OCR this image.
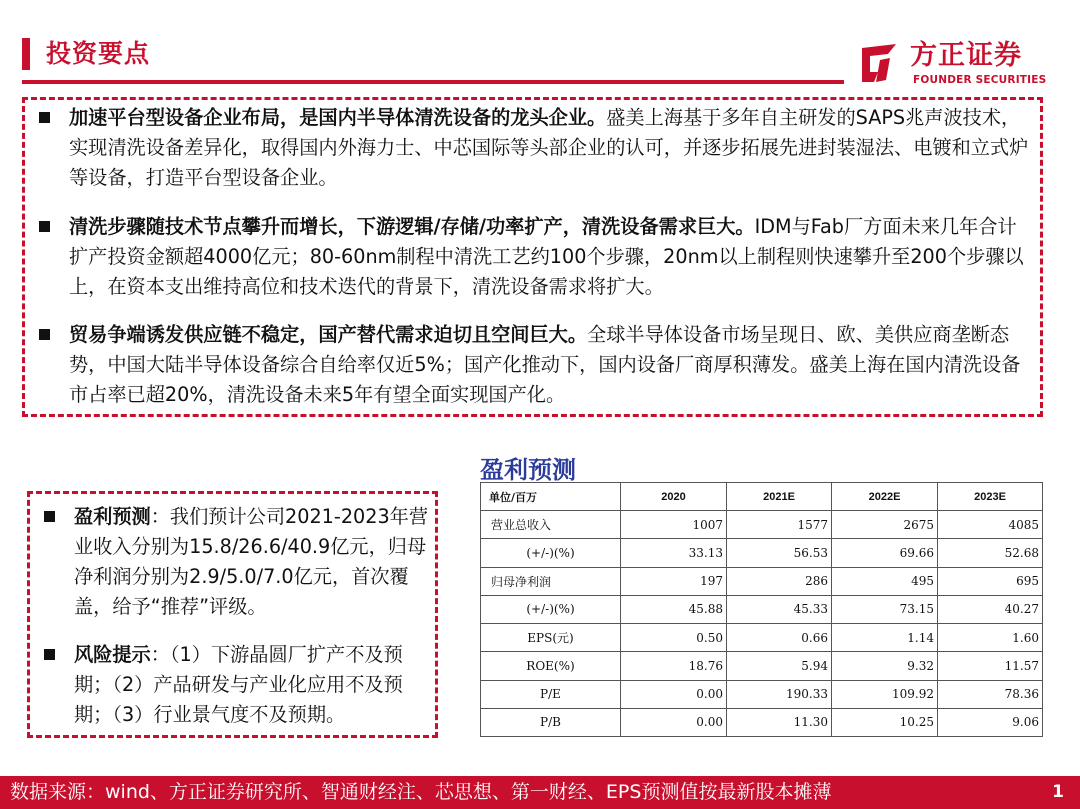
投资要点	方正证券
FOUNDER SECURITIES
加速平台型设备企业布局，是国内半导体清洗设备的龙头企业。盛美上海基于多年自主研发的SAPS兆声波技术，实现清洗设备差异化，取得国内外海力士、中芯国际等头部企业的认可，并逐步拓展先进封装湿法、电镀和立式炉等设备，打造平台型设备企业。
清洗步骤随技术节点攀升而增长，下游逻辑/存储/功率扩产，清洗设备需求巨大。IDM与Fab厂方面未来几年合计扩产投资金额超4000亿元；80-60nm制程中清洗工艺约100个步骤，20nm以上制程则快速攀升至200个步骤以上，在资本支出维持高位和技术迭代的背景下，清洗设备需求将扩大。
贸易争端诱发供应链不稳定，国产替代需求迫切且空间巨大。全球半导体设备市场呈现日、欧、美供应商垄断态势，中国大陆半导体设备综合自给率仅近5%；国产化推动下，国内设备厂商厚积薄发。盛美上海在国内清洗设备市占率已超20%，清洗设备未来5年有望全面实现国产化。
盈利预测：我们预计公司2021-2023年营业收入分别为15.8/26.6/40.9亿元，归母净利润分别为2.9/5.0/7.0亿元，首次覆盖，给予“推荐”评级。
风险提示：（1）下游晶圆厂扩产不及预期；（2）产品研发与产业化应用不及预期；（3）行业景气度不及预期。
盈利预测
单位/百万	2020	2021E	2022E	2023E
营业总收入	1007	1577	2675	4085
(+/-)(%)	33.13	56.53	69.66	52.68
归母净利润	197	286	495	695
(+/-)(%)	45.88	45.33	73.15	40.27
EPS(元)	0.50	0.66	1.14	1.60
ROE(%)	18.76	5.94	9.32	11.57
P/E	0.00	190.33	109.92	78.36
P/B	0.00	11.30	10.25	9.06
数据来源：wind、方正证券研究所、智通财经注、芯思想、第一财经、EPS预测值按最新股本摊薄	1
